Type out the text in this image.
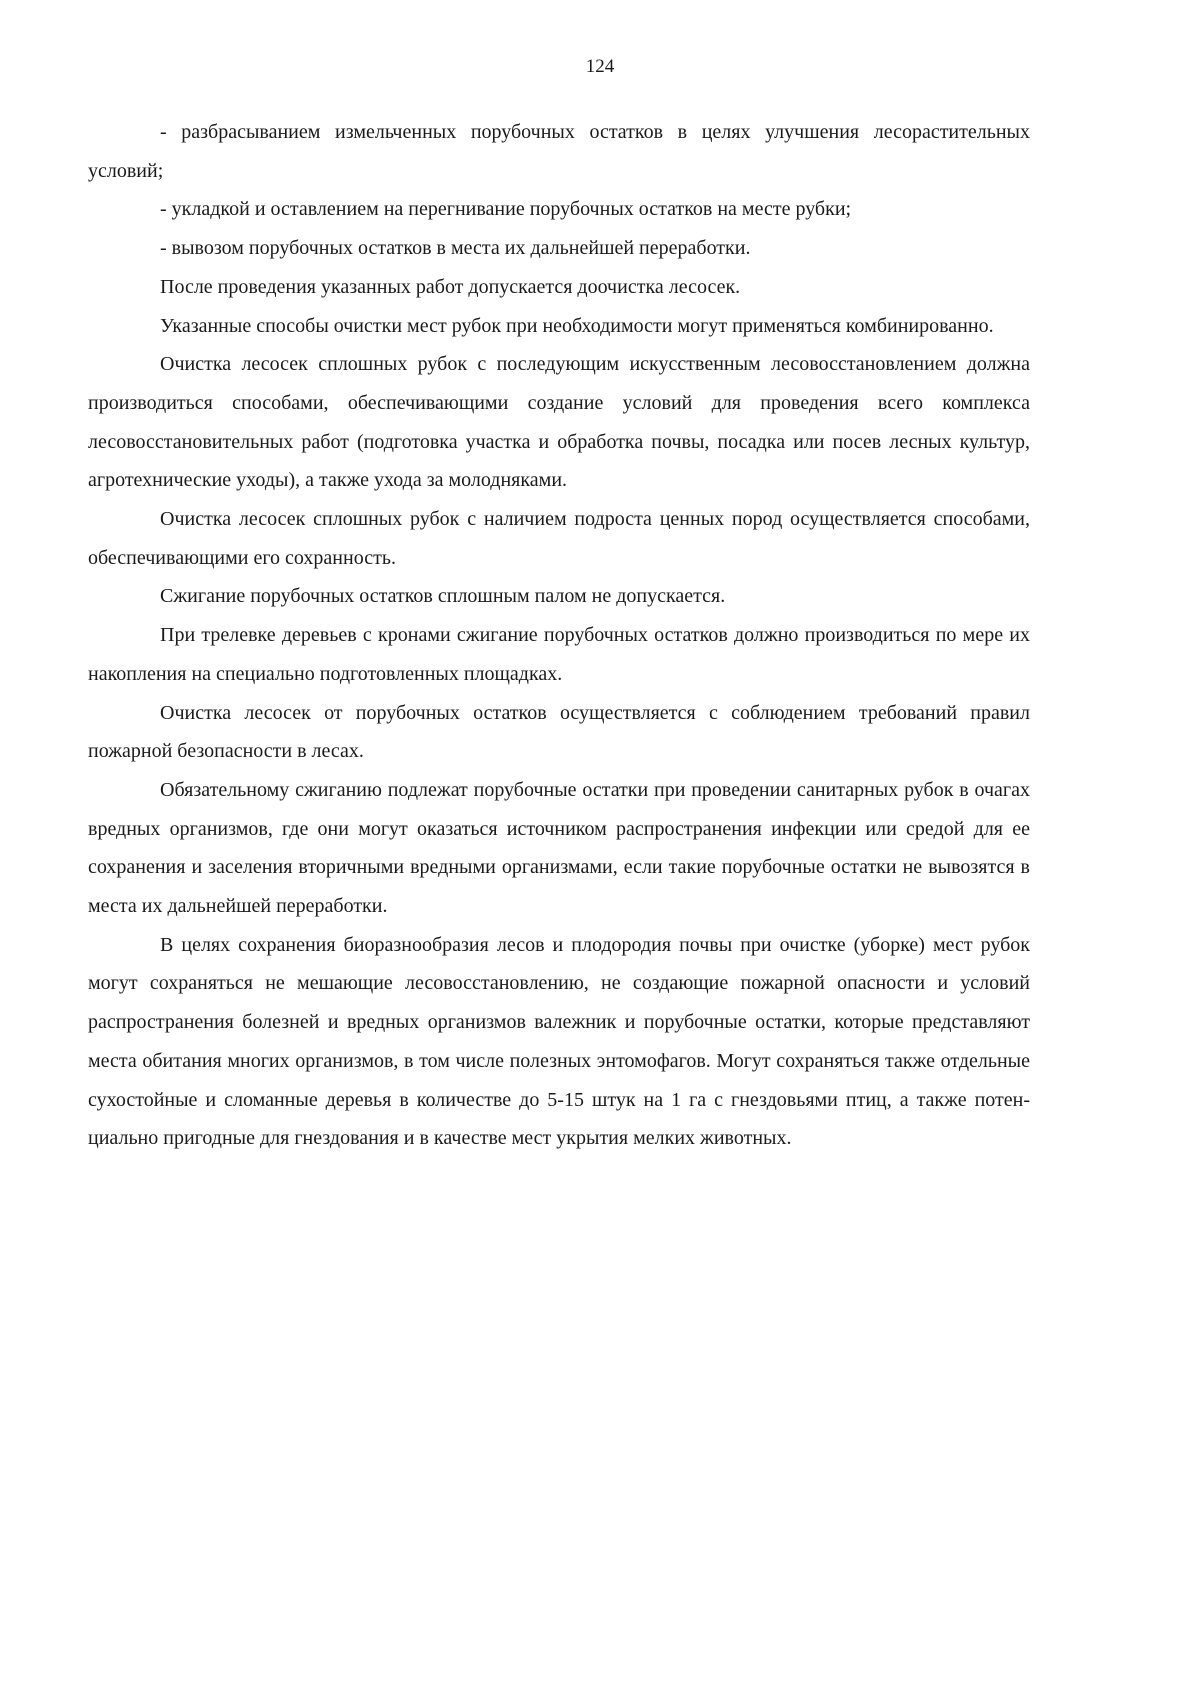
124

- разбрасыванием измельченных порубочных остатков в целях улучшения лесорастительных условий;

- укладкой и оставлением на перегнивание порубочных остатков на месте рубки;

- вывозом порубочных остатков в места их дальнейшей переработки.

После проведения указанных работ допускается доочистка лесосек.

Указанные способы очистки мест рубок при необходимости могут применяться комбинированно.

Очистка лесосек сплошных рубок с последующим искусственным лесовосстановлением должна производиться способами, обеспечивающими создание условий для проведения всего комплекса лесовосстановительных работ (подготовка участка и обработка почвы, посадка или посев лесных культур, агротехнические уходы), а также ухода за молодняками.

Очистка лесосек сплошных рубок с наличием подроста ценных пород осуществляется способами, обеспечивающими его сохранность.

Сжигание порубочных остатков сплошным палом не допускается.

При трелевке деревьев с кронами сжигание порубочных остатков должно производиться по мере их накопления на специально подготовленных площадках.

Очистка лесосек от порубочных остатков осуществляется с соблюдением требований правил пожарной безопасности в лесах.

Обязательному сжиганию подлежат порубочные остатки при проведении санитарных рубок в очагах вредных организмов, где они могут оказаться источником распространения инфекции или средой для ее сохранения и заселения вторичными вредными организмами, если такие порубочные остатки не вывозятся в места их дальнейшей переработки.

В целях сохранения биоразнообразия лесов и плодородия почвы при очистке (уборке) мест рубок могут сохраняться не мешающие лесовосстановлению, не создающие пожарной опасности и условий распространения болезней и вредных организмов валежник и порубочные остатки, которые представляют места обитания многих организмов, в том числе полезных энтомофагов. Могут сохраняться также отдельные сухостойные и сломанные деревья в количестве до 5-15 штук на 1 га с гнездовьями птиц, а также потенциально пригодные для гнездования и в качестве мест укрытия мелких животных.
